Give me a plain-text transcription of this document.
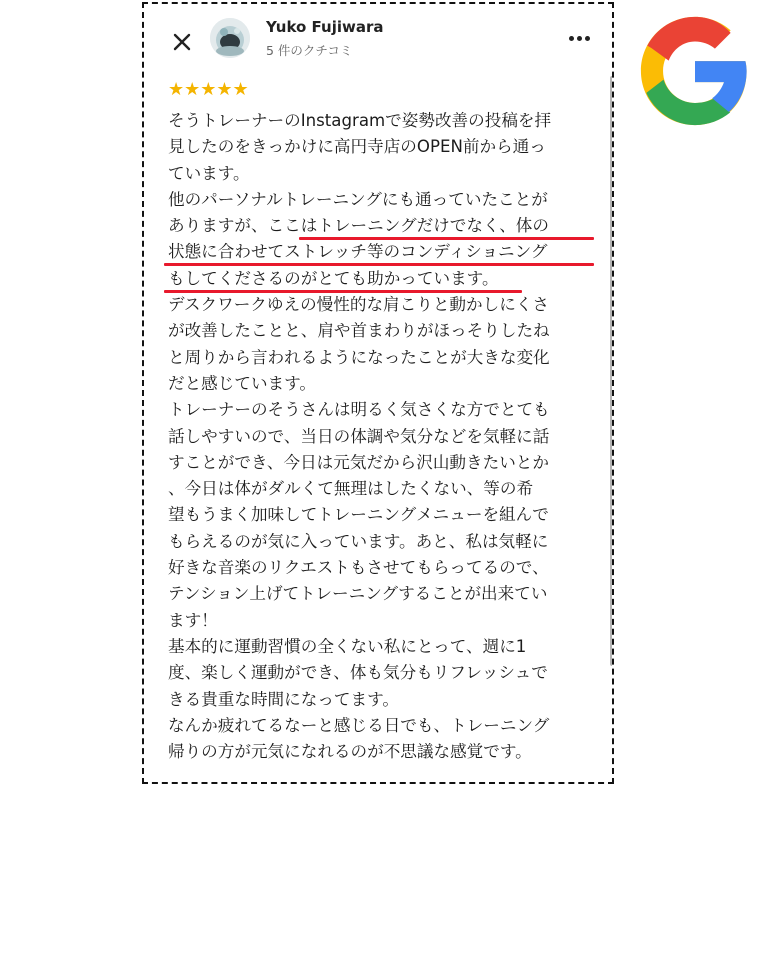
Yuko Fujiwara
5 件のクチコミ
★★★★★
そうトレーナーのInstagramで姿勢改善の投稿を拝
見したのをきっかけに高円寺店のOPEN前から通っ
ています。
他のパーソナルトレーニングにも通っていたことが
ありますが、ここはトレーニングだけでなく、体の
状態に合わせてストレッチ等のコンディショニング
もしてくださるのがとても助かっています。
デスクワークゆえの慢性的な肩こりと動かしにくさ
が改善したことと、肩や首まわりがほっそりしたね
と周りから言われるようになったことが大きな変化
だと感じています。
トレーナーのそうさんは明るく気さくな方でとても
話しやすいので、当日の体調や気分などを気軽に話
すことができ、今日は元気だから沢山動きたいとか
、今日は体がダルくて無理はしたくない、等の希
望もうまく加味してトレーニングメニューを組んで
もらえるのが気に入っています。あと、私は気軽に
好きな音楽のリクエストもさせてもらってるので、
テンション上げてトレーニングすることが出来てい
ます！
基本的に運動習慣の全くない私にとって、週に1
度、楽しく運動ができ、体も気分もリフレッシュで
きる貴重な時間になってます。
なんか疲れてるなーと感じる日でも、トレーニング
帰りの方が元気になれるのが不思議な感覚です。
